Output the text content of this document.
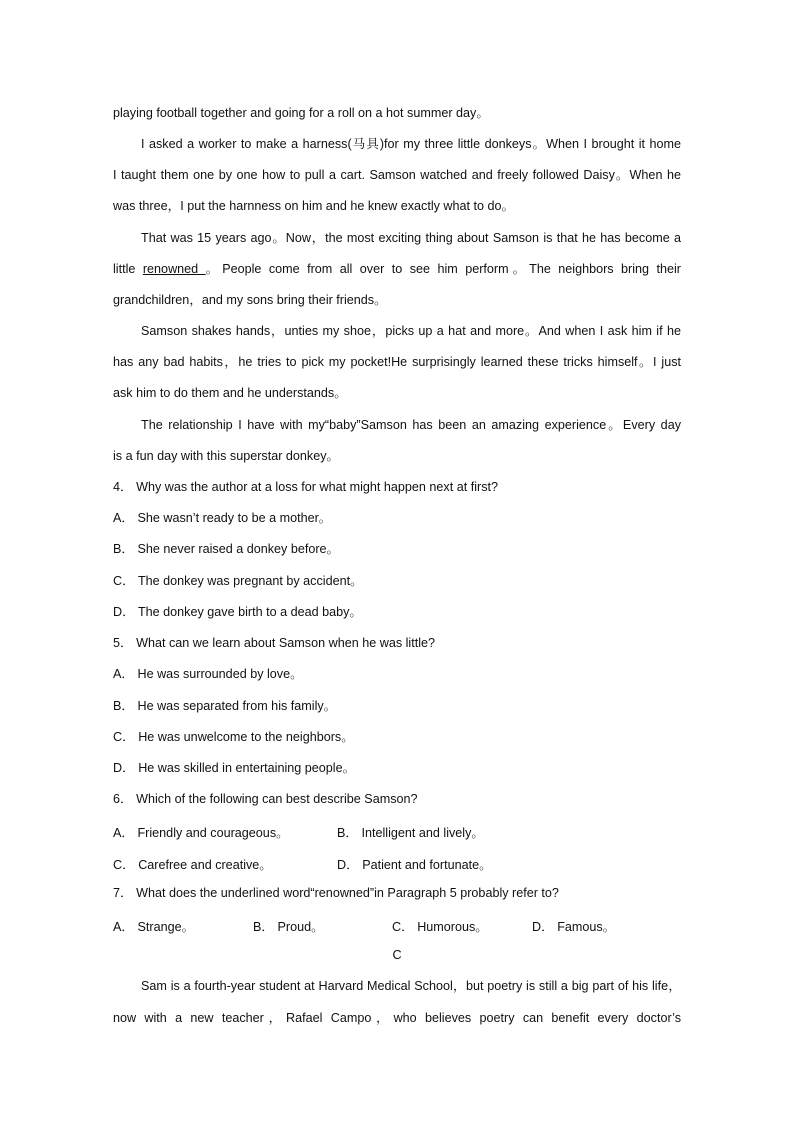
playing football together and going for a roll on a hot summer day。
I asked a worker to make a harness(马具)for my three little donkeys。When I brought it home
I taught them one by one how to pull a cart. Samson watched and freely followed Daisy。When he
was three，I put the harnness on him and he knew exactly what to do。
That was 15 years ago。Now，the most exciting thing about Samson is that he has become a
little renowned 。People come from all over to see him perform。The neighbors bring their
grandchildren，and my sons bring their friends。
Samson shakes hands，unties my shoe，picks up a hat and more。And when I ask him if he
has any bad habits，he tries to pick my pocket!He surprisingly learned these tricks himself。I just
ask him to do them and he understands。
The relationship I have with my“baby”Samson has been an amazing experience。Every day
is a fun day with this superstar donkey。
4． Why was the author at a loss for what might happen next at first?
A． She wasn’t ready to be a mother。
B． She never raised a donkey before。
C． The donkey was pregnant by accident。
D． The donkey gave birth to a dead baby。
5． What can we learn about Samson when he was little?
A． He was surrounded by love。
B． He was separated from his family。
C． He was unwelcome to the neighbors。
D． He was skilled in entertaining people。
6． Which of the following can best describe Samson?
A． Friendly and courageous。	B． Intelligent and lively。
C． Carefree and creative。	D． Patient and fortunate。
7． What does the underlined word“renowned”in Paragraph 5 probably refer to?
A． Strange。	B． Proud。	C． Humorous。	D． Famous。
C
Sam is a fourth-year student at Harvard Medical School，but poetry is still a big part of his life，
now with a new teacher，Rafael Campo，who believes poetry can benefit every doctor’s
